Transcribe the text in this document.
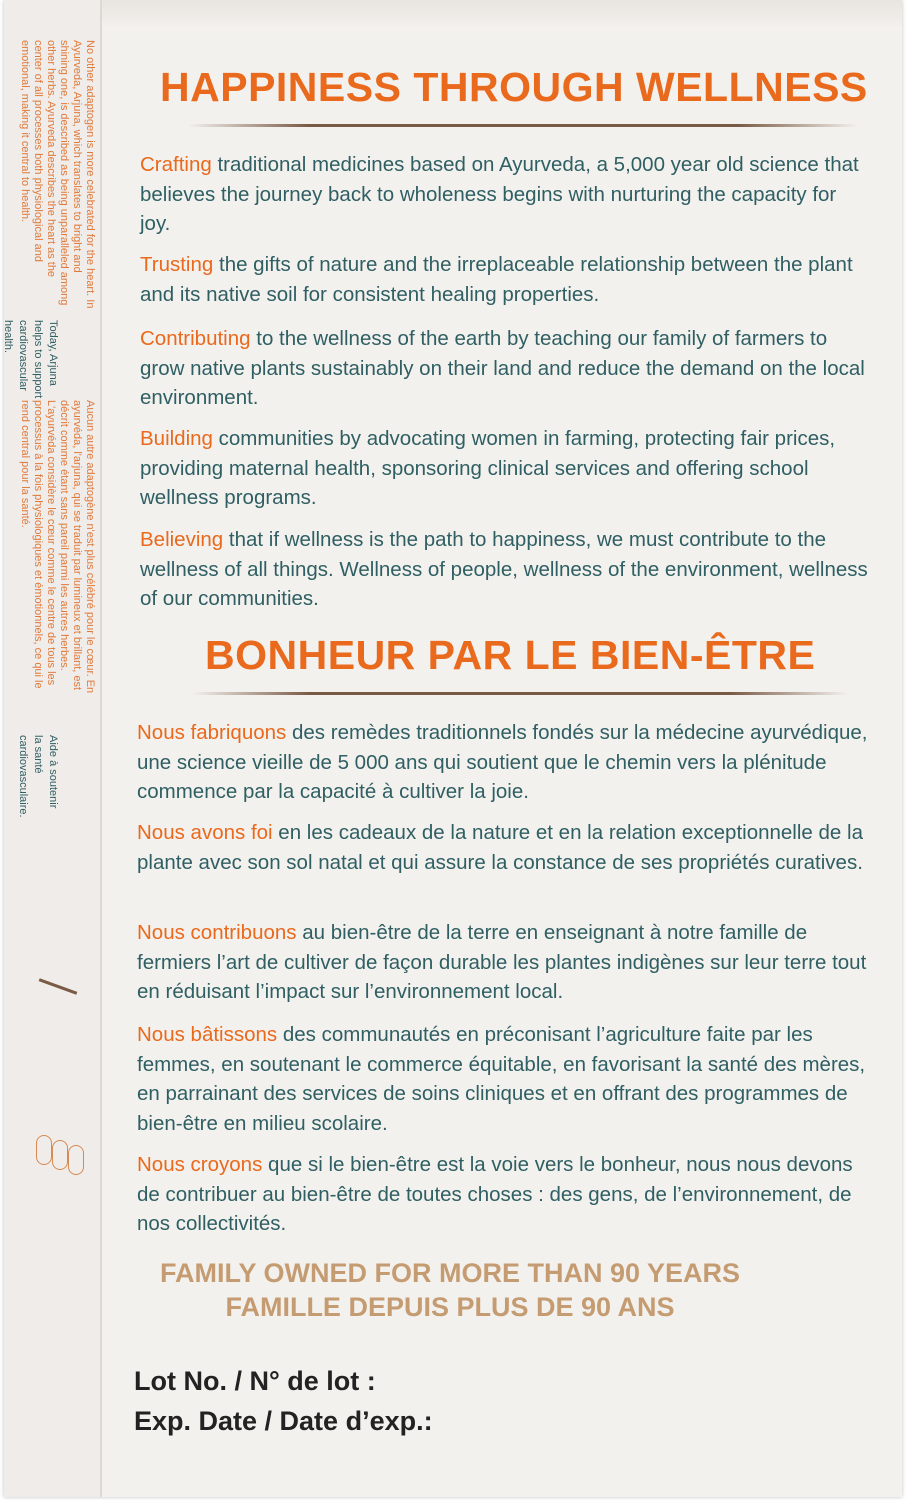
No other adaptogen is more celebrated for the heart. In Ayurveda, Arjuna, which translates to bright and shining one, is described as being unparalleled among other herbs. Ayurveda describes the heart as the center of all processes both physiological and emotional, making it central to health.
Today, Arjuna helps to support cardiovascular health.
Aucun autre adaptogène n'est plus célébré pour le cœur. En ayurvéda, l'arjuna, qui se traduit par lumineux et brillant, est décrit comme étant sans pareil parmi les autres herbes. L'ayurvéda considère le cœur comme le centre de tous les processus à la fois physiologiques et émotionnels, ce qui le rend central pour la santé.
Aide à soutenir la santé cardiovasculaire.
HAPPINESS THROUGH WELLNESS
Crafting traditional medicines based on Ayurveda, a 5,000 year old science that believes the journey back to wholeness begins with nurturing the capacity for joy.
Trusting the gifts of nature and the irreplaceable relationship between the plant and its native soil for consistent healing properties.
Contributing to the wellness of the earth by teaching our family of farmers to grow native plants sustainably on their land and reduce the demand on the local environment.
Building communities by advocating women in farming, protecting fair prices, providing maternal health, sponsoring clinical services and offering school wellness programs.
Believing that if wellness is the path to happiness, we must contribute to the wellness of all things. Wellness of people, wellness of the environment, wellness of our communities.
BONHEUR PAR LE BIEN-ÊTRE
Nous fabriquons des remèdes traditionnels fondés sur la médecine ayurvédique, une science vieille de 5 000 ans qui soutient que le chemin vers la plénitude commence par la capacité à cultiver la joie.
Nous avons foi en les cadeaux de la nature et en la relation exceptionnelle de la plante avec son sol natal et qui assure la constance de ses propriétés curatives.
Nous contribuons au bien-être de la terre en enseignant à notre famille de fermiers l’art de cultiver de façon durable les plantes indigènes sur leur terre tout en réduisant l’impact sur l’environnement local.
Nous bâtissons des communautés en préconisant l’agriculture faite par les femmes, en soutenant le commerce équitable, en favorisant la santé des mères, en parrainant des services de soins cliniques et en offrant des programmes de bien-être en milieu scolaire.
Nous croyons que si le bien-être est la voie vers le bonheur, nous nous devons de contribuer au bien-être de toutes choses : des gens, de l’environnement, de nos collectivités.
FAMILY OWNED FOR MORE THAN 90 YEARS
FAMILLE DEPUIS PLUS DE 90 ANS
Lot No. / N° de lot :
Exp. Date / Date d’exp.:
